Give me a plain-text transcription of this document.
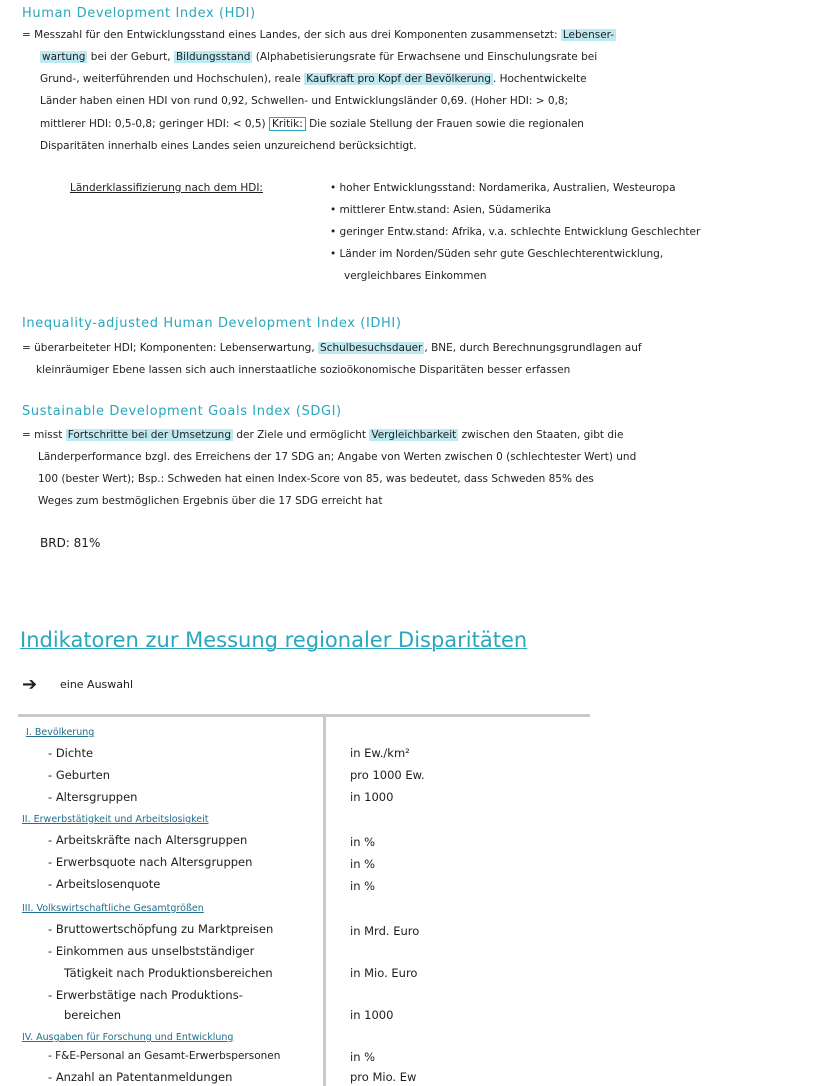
Human Development Index (HDI)
= Messzahl für den Entwicklungsstand eines Landes, der sich aus drei Komponenten zusammensetzt: Lebenser-
wartung bei der Geburt, Bildungsstand (Alphabetisierungsrate für Erwachsene und Einschulungsrate bei
Grund-, weiterführenden und Hochschulen), reale Kaufkraft pro Kopf der Bevölkerung . Hochentwickelte
Länder haben einen HDI von rund 0,92, Schwellen- und Entwicklungsländer 0,69. (Hoher HDI: > 0,8;
mittlerer HDI: 0,5-0,8; geringer HDI: < 0,5) Kritik: Die soziale Stellung der Frauen sowie die regionalen
Disparitäten innerhalb eines Landes seien unzureichend berücksichtigt.
Länderklassifizierung nach dem HDI:	• hoher Entwicklungsstand: Nordamerika, Australien, Westeuropa
• mittlerer Entw.stand: Asien, Südamerika
• geringer Entw.stand: Afrika, v.a. schlechte Entwicklung Geschlechter
• Länder im Norden/Süden sehr gute Geschlechterentwicklung,
vergleichbares Einkommen
Inequality-adjusted Human Development Index (IDHI)
= überarbeiteter HDI; Komponenten: Lebenserwartung, Schulbesuchsdauer , BNE, durch Berechnungsgrundlagen auf
kleinräumiger Ebene lassen sich auch innerstaatliche sozioökonomische Disparitäten besser erfassen
Sustainable Development Goals Index (SDGI)
= misst Fortschritte bei der Umsetzung der Ziele und ermöglicht Vergleichbarkeit zwischen den Staaten, gibt die
Länderperformance bzgl. des Erreichens der 17 SDG an; Angabe von Werten zwischen 0 (schlechtester Wert) und
100 (bester Wert); Bsp.: Schweden hat einen Index-Score von 85, was bedeutet, dass Schweden 85% des
Weges zum bestmöglichen Ergebnis über die 17 SDG erreicht hat
BRD: 81%
Indikatoren zur Messung regionaler Disparitäten
➔ eine Auswahl
I. Bevölkerung
- Dichte	in Ew./km²
- Geburten	pro 1000 Ew.
- Altersgruppen	in 1000
II. Erwerbstätigkeit und Arbeitslosigkeit
- Arbeitskräfte nach Altersgruppen	in %
- Erwerbsquote nach Altersgruppen	in %
- Arbeitslosenquote	in %
III. Volkswirtschaftliche Gesamtgrößen
- Bruttowertschöpfung zu Marktpreisen	in Mrd. Euro
- Einkommen aus unselbstständiger
Tätigkeit nach Produktionsbereichen	in Mio. Euro
- Erwerbstätige nach Produktions-
bereichen	in 1000
IV. Ausgaben für Forschung und Entwicklung
- F&E-Personal an Gesamt-Erwerbspersonen	in %
- Anzahl an Patentanmeldungen	pro Mio. Ew
